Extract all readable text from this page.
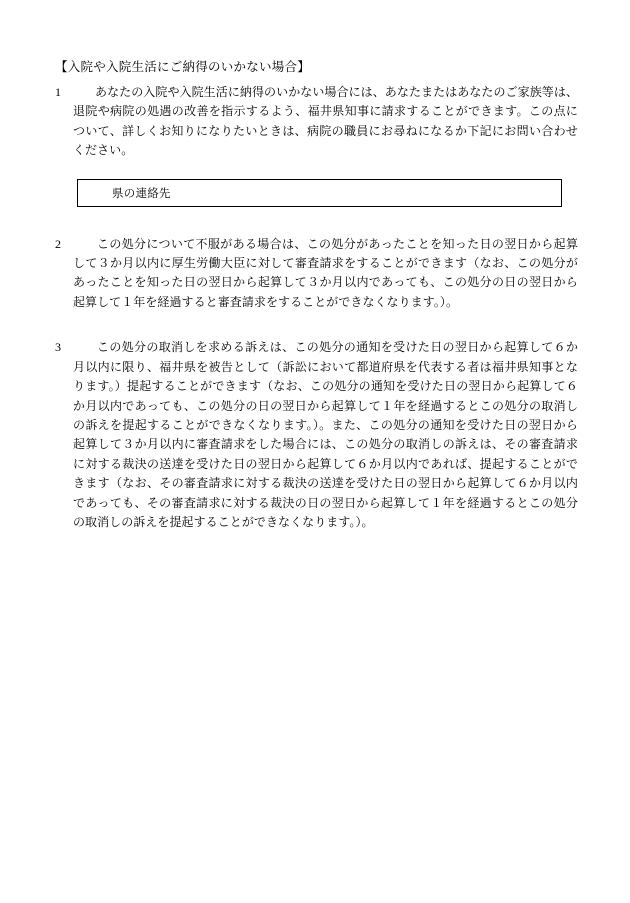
【入院や入院生活にご納得のいかない場合】
1	あなたの入院や入院生活に納得のいかない場合には、あなたまたはあなたのご家族等は、退院や病院の処遇の改善を指示するよう、福井県知事に請求することができます。この点について、詳しくお知りになりたいときは、病院の職員にお尋ねになるか下記にお問い合わせください。
県の連絡先
2	この処分について不服がある場合は、この処分があったことを知った日の翌日から起算して３か月以内に厚生労働大臣に対して審査請求をすることができます（なお、この処分があったことを知った日の翌日から起算して３か月以内であっても、この処分の日の翌日から起算して１年を経過すると審査請求をすることができなくなります。）。
3	この処分の取消しを求める訴えは、この処分の通知を受けた日の翌日から起算して６か月以内に限り、福井県を被告として（訴訟において都道府県を代表する者は福井県知事となります。）提起することができます（なお、この処分の通知を受けた日の翌日から起算して６か月以内であっても、この処分の日の翌日から起算して１年を経過するとこの処分の取消しの訴えを提起することができなくなります。）。また、この処分の通知を受けた日の翌日から起算して３か月以内に審査請求をした場合には、この処分の取消しの訴えは、その審査請求に対する裁決の送達を受けた日の翌日から起算して６か月以内であれば、提起することができます（なお、その審査請求に対する裁決の送達を受けた日の翌日から起算して６か月以内であっても、その審査請求に対する裁決の日の翌日から起算して１年を経過するとこの処分の取消しの訴えを提起することができなくなります。）。
